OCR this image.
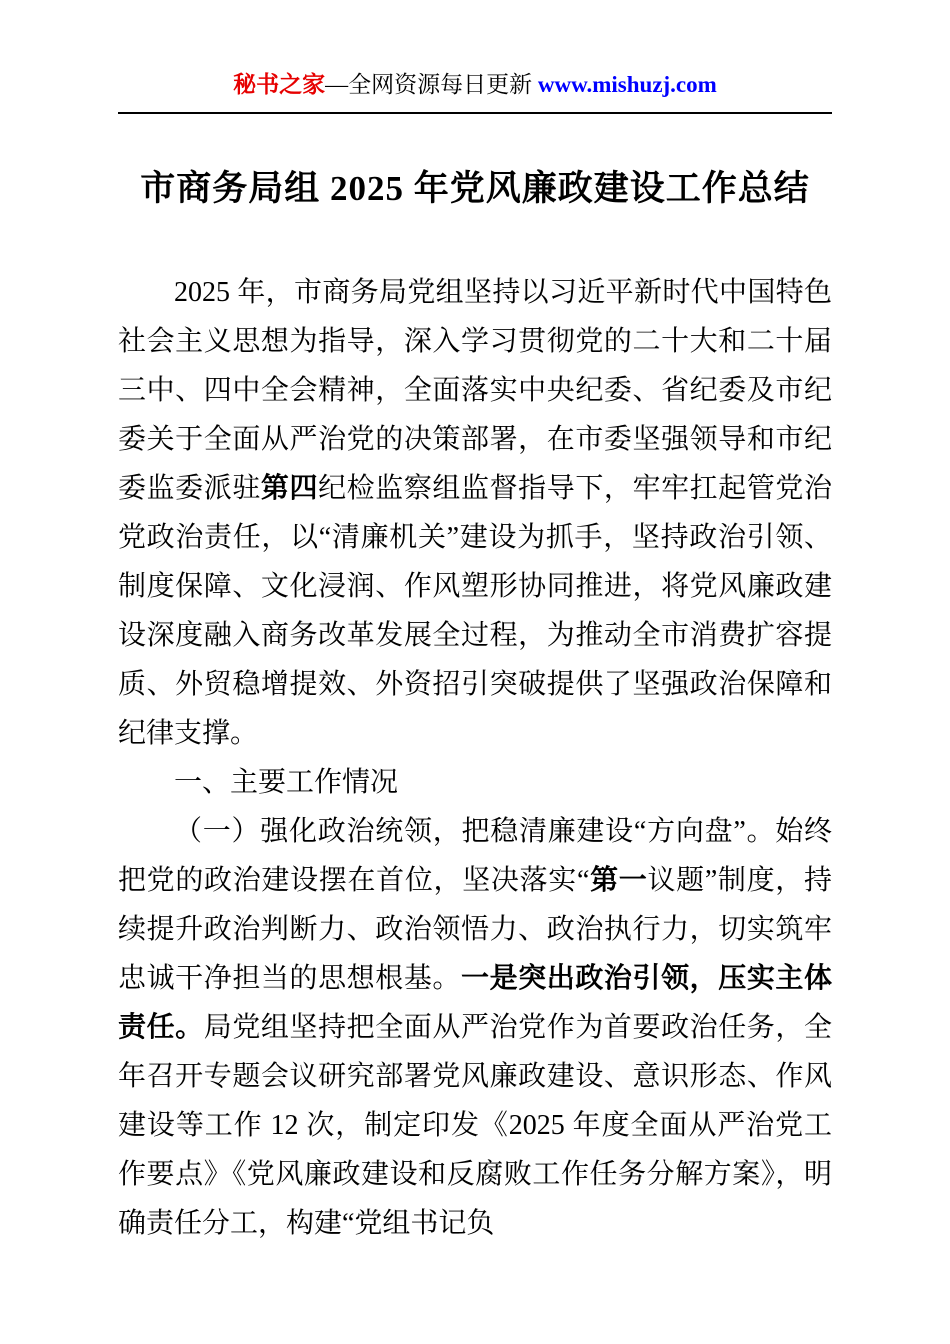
秘书之家—全网资源每日更新 www.mishuzj.com
市商务局组 2025 年党风廉政建设工作总结

2025 年，市商务局党组坚持以习近平新时代中国特色社会主义思想为指导，深入学习贯彻党的二十大和二十届三中、四中全会精神，全面落实中央纪委、省纪委及市纪委关于全面从严治党的决策部署，在市委坚强领导和市纪委监委派驻第四纪检监察组监督指导下，牢牢扛起管党治党政治责任，以“清廉机关”建设为抓手，坚持政治引领、制度保障、文化浸润、作风塑形协同推进，将党风廉政建设深度融入商务改革发展全过程，为推动全市消费扩容提质、外贸稳增提效、外资招引突破提供了坚强政治保障和纪律支撑。

一、主要工作情况

（一）强化政治统领，把稳清廉建设“方向盘”。始终把党的政治建设摆在首位，坚决落实“第一议题”制度，持续提升政治判断力、政治领悟力、政治执行力，切实筑牢忠诚干净担当的思想根基。一是突出政治引领，压实主体责任。局党组坚持把全面从严治党作为首要政治任务，全年召开专题会议研究部署党风廉政建设、意识形态、作风建设等工作 12 次，制定印发《2025 年度全面从严治党工作要点》《党风廉政建设和反腐败工作任务分解方案》，明确责任分工，构建“党组书记负
